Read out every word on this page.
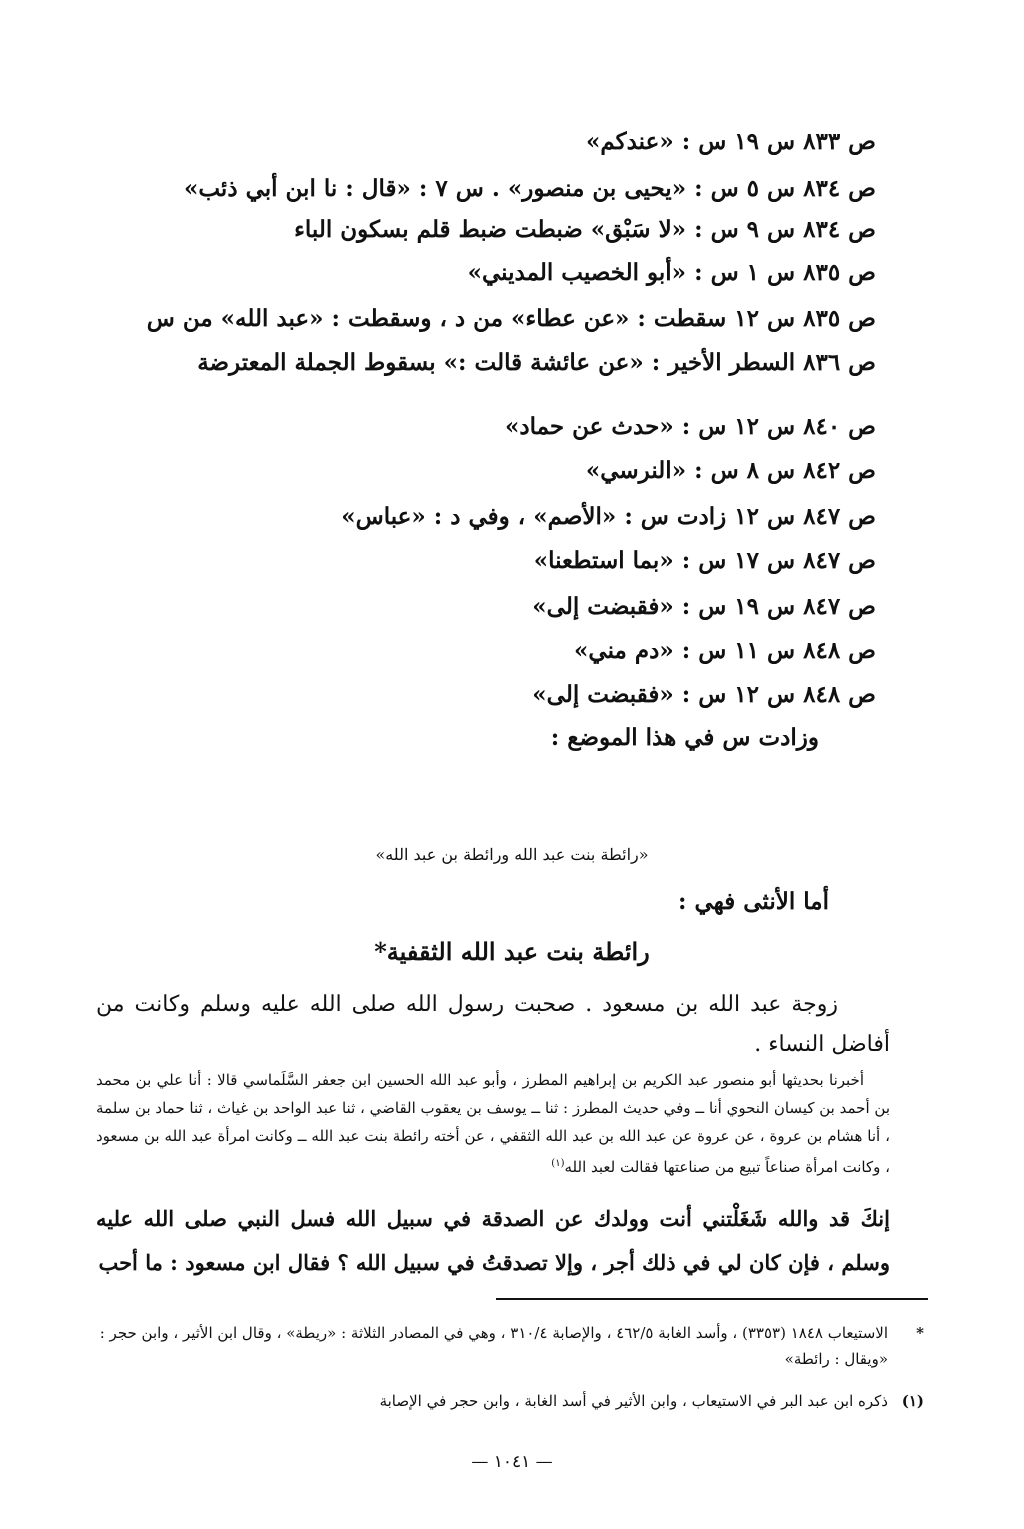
ص ٨٣٣ س ١٩ س : «عندكم»

ص ٨٣٤ س ٥ س : «يحيى بن منصور» . س ٧ : «قال : نا ابن أبي ذئب»

ص ٨٣٤ س ٩ س : «لا سَبْق» ضبطت ضبط قلم بسكون الباء

ص ٨٣٥ س ١ س : «أبو الخصيب المديني»

ص ٨٣٥ س ١٢ سقطت : «عن عطاء» من د ، وسقطت : «عبد الله» من س

ص ٨٣٦ السطر الأخير : «عن عائشة قالت :» بسقوط الجملة المعترضة

ص ٨٤٠ س ١٢ س : «حدث عن حماد»

ص ٨٤٢ س ٨ س : «النرسي»

ص ٨٤٧ س ١٢ زادت س : «الأصم» ، وفي د : «عباس»

ص ٨٤٧ س ١٧ س : «بما استطعنا»

ص ٨٤٧ س ١٩ س : «فقبضت إلى»

ص ٨٤٨ س ١١ س : «دم مني»

ص ٨٤٨ س ١٢ س : «فقبضت إلى»

وزادت س في هذا الموضع :

«رائطة بنت عبد الله ورائطة بن عبد الله»

أما الأنثى فهي :

رائطة بنت عبد الله الثقفية*

زوجة عبد الله بن مسعود . صحبت رسول الله صلى الله عليه وسلم وكانت من أفاضل النساء .

أخبرنا بحديثها أبو منصور عبد الكريم بن إبراهيم المطرز ، وأبو عبد الله الحسين ابن جعفر السَّلَماسي قالا : أنا علي بن محمد بن أحمد بن كيسان النحوي أنا ــ وفي حديث المطرز : ثنا ــ يوسف بن يعقوب القاضي ، ثنا عبد الواحد بن غياث ، ثنا حماد بن سلمة ، أنا هشام بن عروة ، عن عروة عن عبد الله بن عبد الله الثقفي ، عن أخته رائطة بنت عبد الله ــ وكانت امرأة عبد الله بن مسعود ، وكانت امرأة صناعاً تبيع من صناعتها فقالت لعبد الله$^{(١)}$

إنكَ قد والله شَغَلْتني أنت وولدك عن الصدقة في سبيل الله فسل النبي صلى الله عليه وسلم ، فإن كان لي في ذلك أجر ، وإلا تصدقتُ في سبيل الله ؟ فقال ابن مسعود : ما أحب

*
الاستيعاب ١٨٤٨ (٣٣٥٣) ، وأسد الغابة ٤٦٢/٥ ، والإصابة ٣١٠/٤ ، وهي في المصادر الثلاثة : «ريطة» ، وقال ابن الأثير ، وابن حجر : «ويقال : رائطة»
(١)
ذكره ابن عبد البر في الاستيعاب ، وابن الأثير في أسد الغابة ، وابن حجر في الإصابة

— ١٠٤١ —
